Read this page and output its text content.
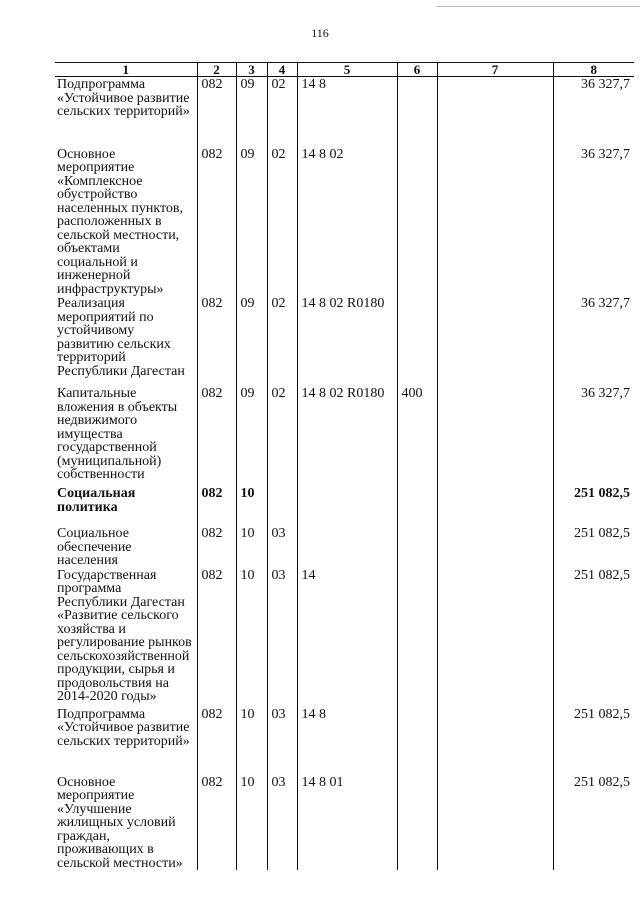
116
1	2	3	4	5	6	7	8
Подпрограмма «Устойчивое развитие сельских территорий»	082	09	02	14 8			36 327,7
Основное мероприятие «Комплексное обустройство населенных пунктов, расположенных в сельской местности, объектами социальной и инженерной инфраструктуры»	082	09	02	14 8 02			36 327,7
Реализация мероприятий по устойчивому развитию сельских территорий Республики Дагестан	082	09	02	14 8 02 R0180			36 327,7
Капитальные вложения в объекты недвижимого имущества государственной (муниципальной) собственности	082	09	02	14 8 02 R0180	400		36 327,7
Социальная политика	082	10					251 082,5
Социальное обеспечение населения	082	10	03				251 082,5
Государственная программа Республики Дагестан «Развитие сельского хозяйства и регулирование рынков сельскохозяйственной продукции, сырья и продовольствия на 2014-2020 годы»	082	10	03	14			251 082,5
Подпрограмма «Устойчивое развитие сельских территорий»	082	10	03	14 8			251 082,5
Основное мероприятие «Улучшение жилищных условий граждан, проживающих в сельской местности»	082	10	03	14 8 01			251 082,5
